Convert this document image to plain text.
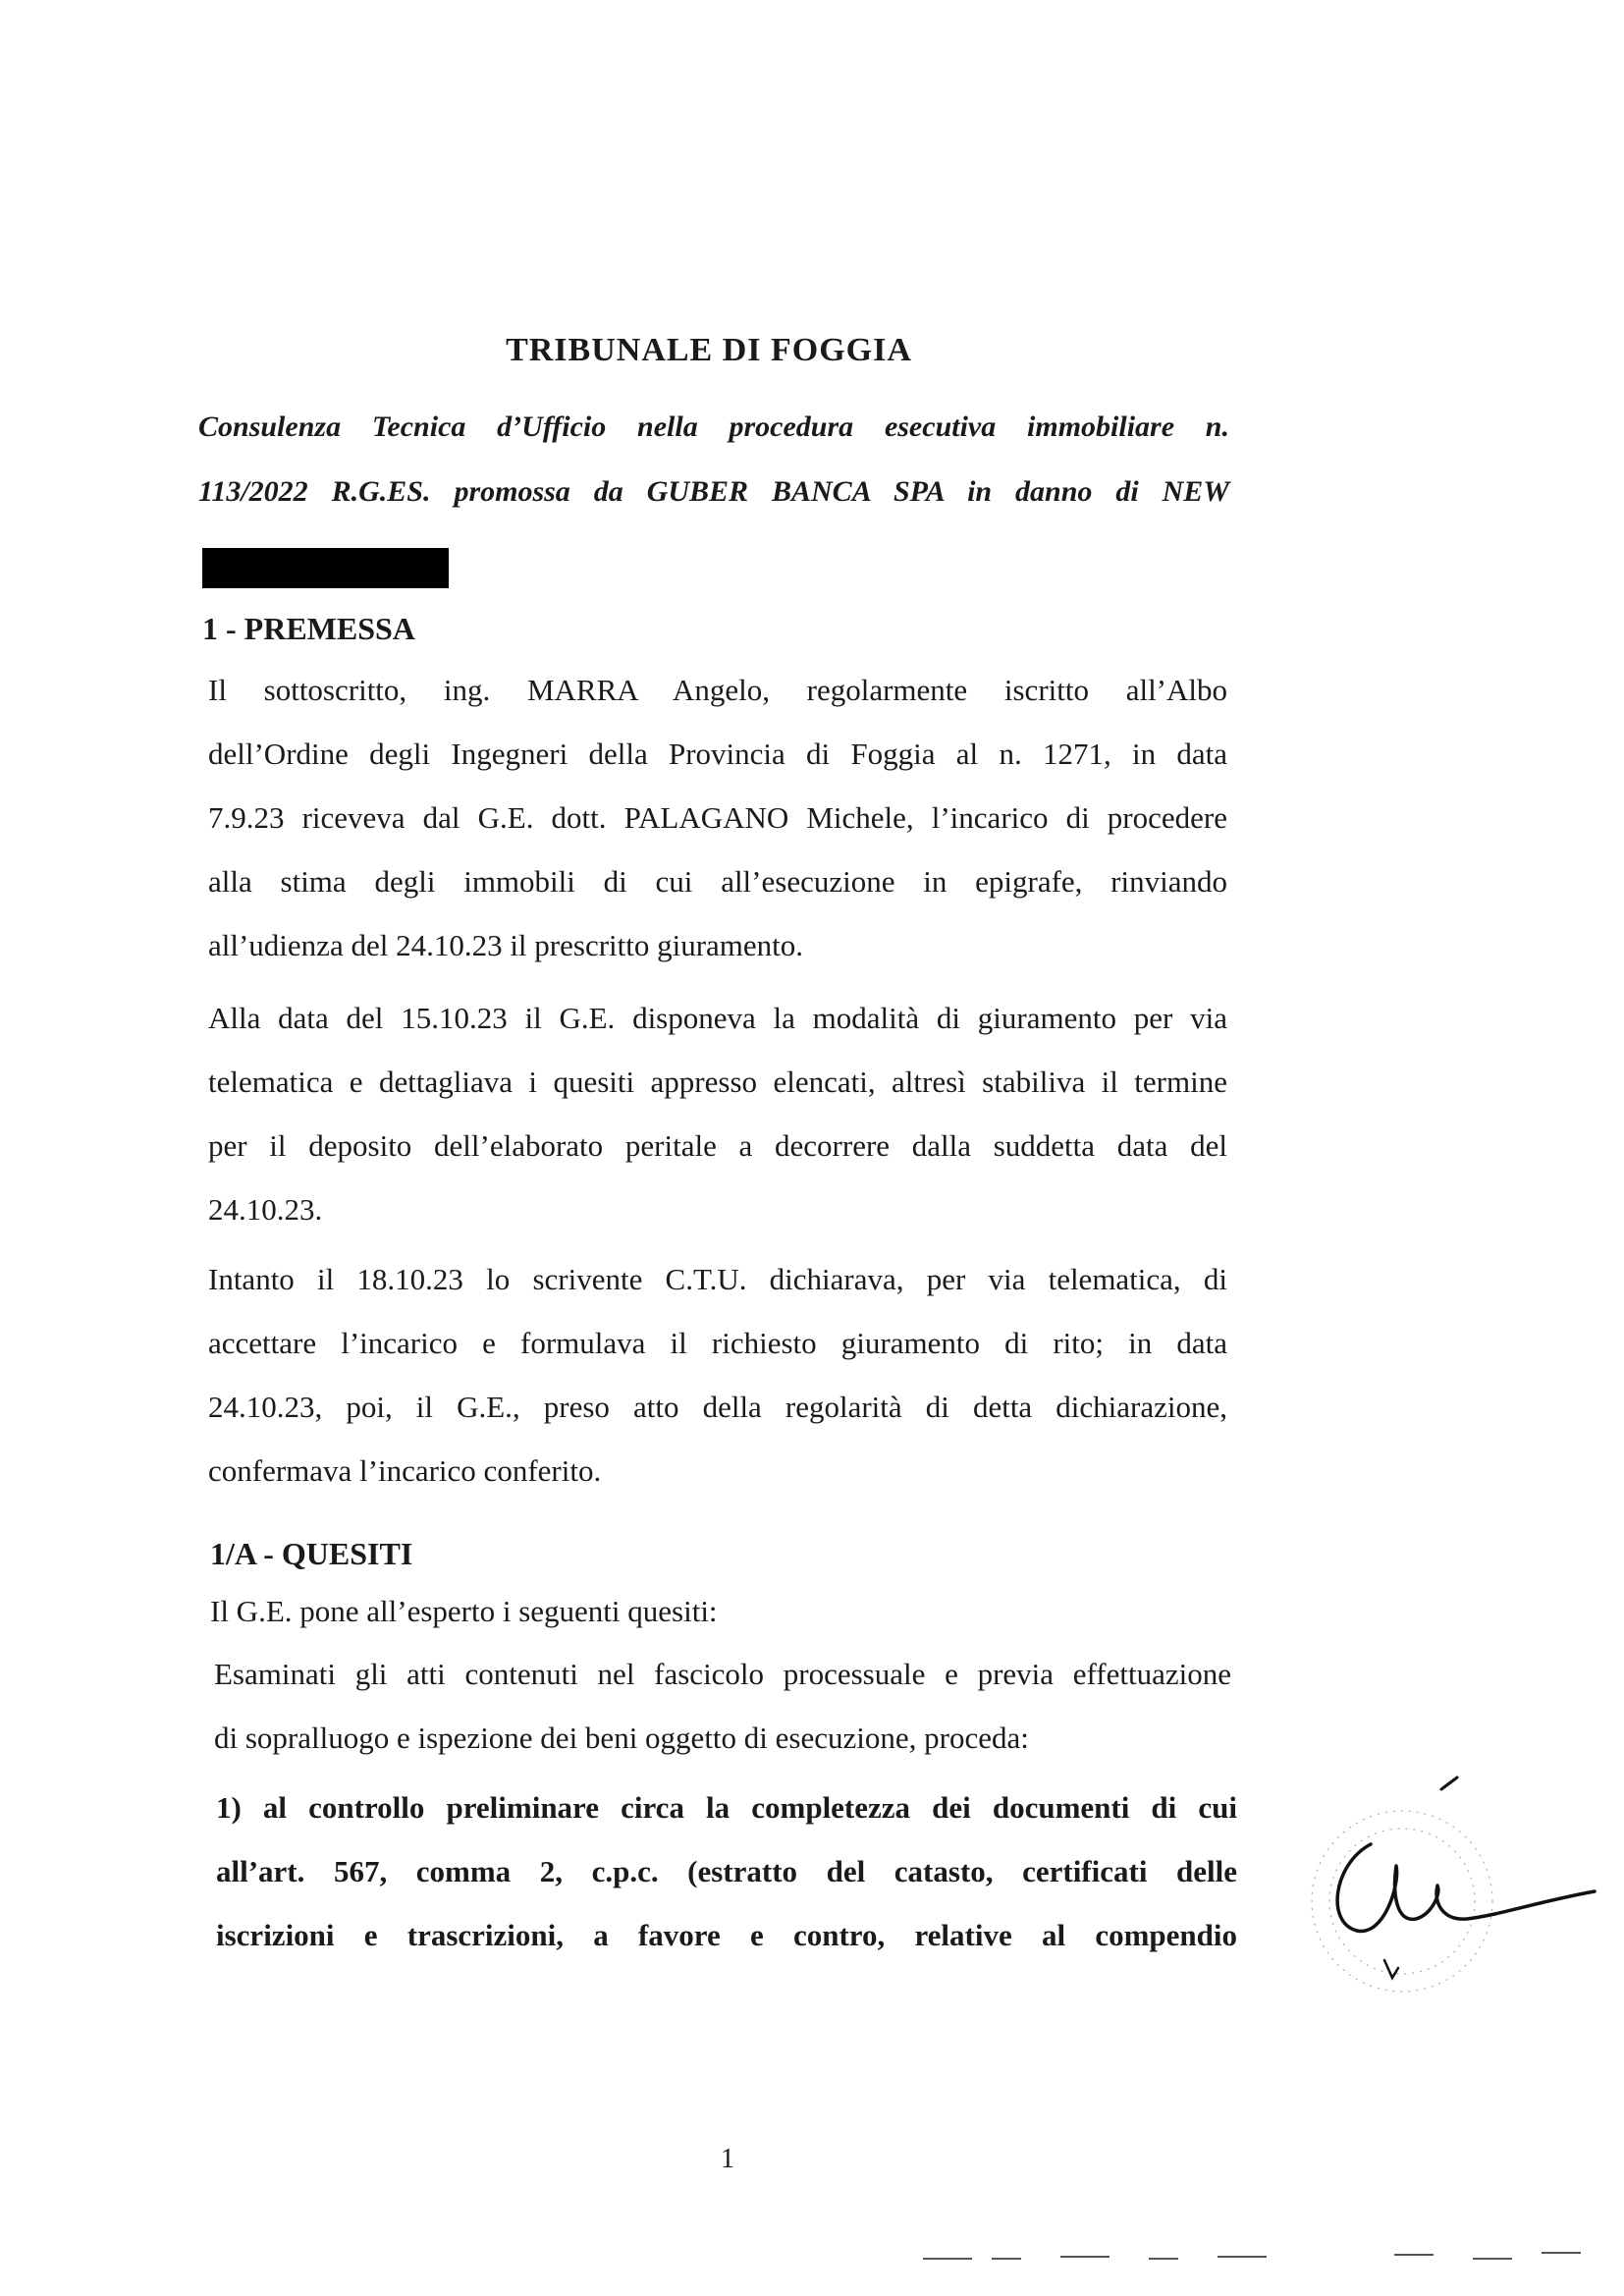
TRIBUNALE DI FOGGIA
Consulenza Tecnica d’Ufficio nella procedura esecutiva immobiliare n.
113/2022 R.G.ES. promossa da GUBER BANCA SPA in danno di NEW
1 - PREMESSA

Il sottoscritto, ing. MARRA Angelo, regolarmente iscritto all’Albo
dell’Ordine degli Ingegneri della Provincia di Foggia al n. 1271, in data
7.9.23 riceveva dal G.E. dott. PALAGANO Michele, l’incarico di procedere
alla stima degli immobili di cui all’esecuzione in epigrafe, rinviando
all’udienza del 24.10.23 il prescritto giuramento.

Alla data del 15.10.23 il G.E. disponeva la modalità di giuramento per via
telematica e dettagliava i quesiti appresso elencati, altresì stabiliva il termine
per il deposito dell’elaborato peritale a decorrere dalla suddetta data del
24.10.23.

Intanto il 18.10.23 lo scrivente C.T.U. dichiarava, per via telematica, di
accettare l’incarico e formulava il richiesto giuramento di rito; in data
24.10.23, poi, il G.E., preso atto della regolarità di detta dichiarazione,
confermava l’incarico conferito.

1/A - QUESITI

Il G.E. pone all’esperto i seguenti quesiti:

Esaminati gli atti contenuti nel fascicolo processuale e previa effettuazione
di sopralluogo e ispezione dei beni oggetto di esecuzione, proceda:

1) al controllo preliminare circa la completezza dei documenti di cui
all’art. 567, comma 2, c.p.c. (estratto del catasto, certificati delle
iscrizioni e trascrizioni, a favore e contro, relative al compendio

1
